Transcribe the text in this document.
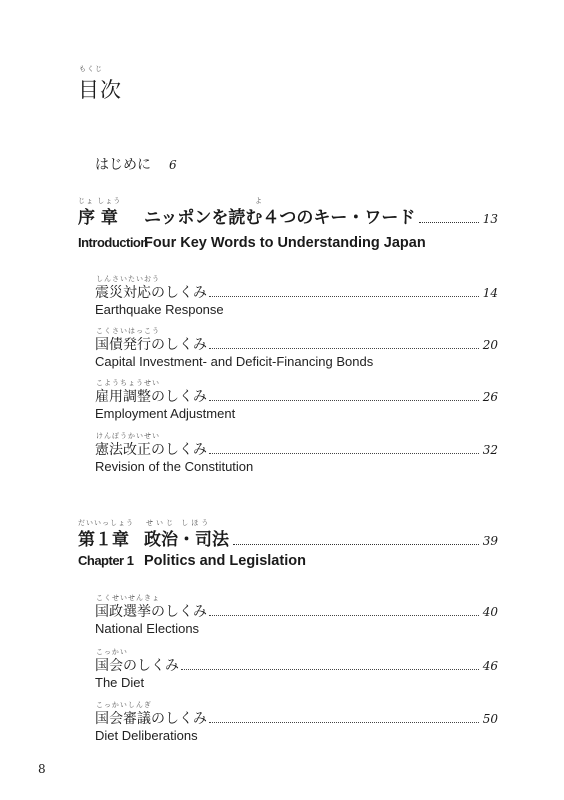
もくじ
目次
はじめに 6
じょ しょう	よ
序 章	ニッポンを読む４つのキー・ワード	13
IntroductionFour Key Words to Understanding Japan
しんさいたいおう
震災対応のしくみ	14
Earthquake Response
こくさいはっこう
国債発行のしくみ	20
Capital Investment- and Deficit-Financing Bonds
こようちょうせい
雇用調整のしくみ	26
Employment Adjustment
けんぽうかいせい
憲法改正のしくみ	32
Revision of the Constitution
だいいっしょう せいじ しほう
第１章 政治・司法	39
Chapter 1 Politics and Legislation
こくせいせんきょ
国政選挙のしくみ	40
National Elections
こっかい
国会のしくみ	46
The Diet
こっかいしんぎ
国会審議のしくみ	50
Diet Deliberations
8
